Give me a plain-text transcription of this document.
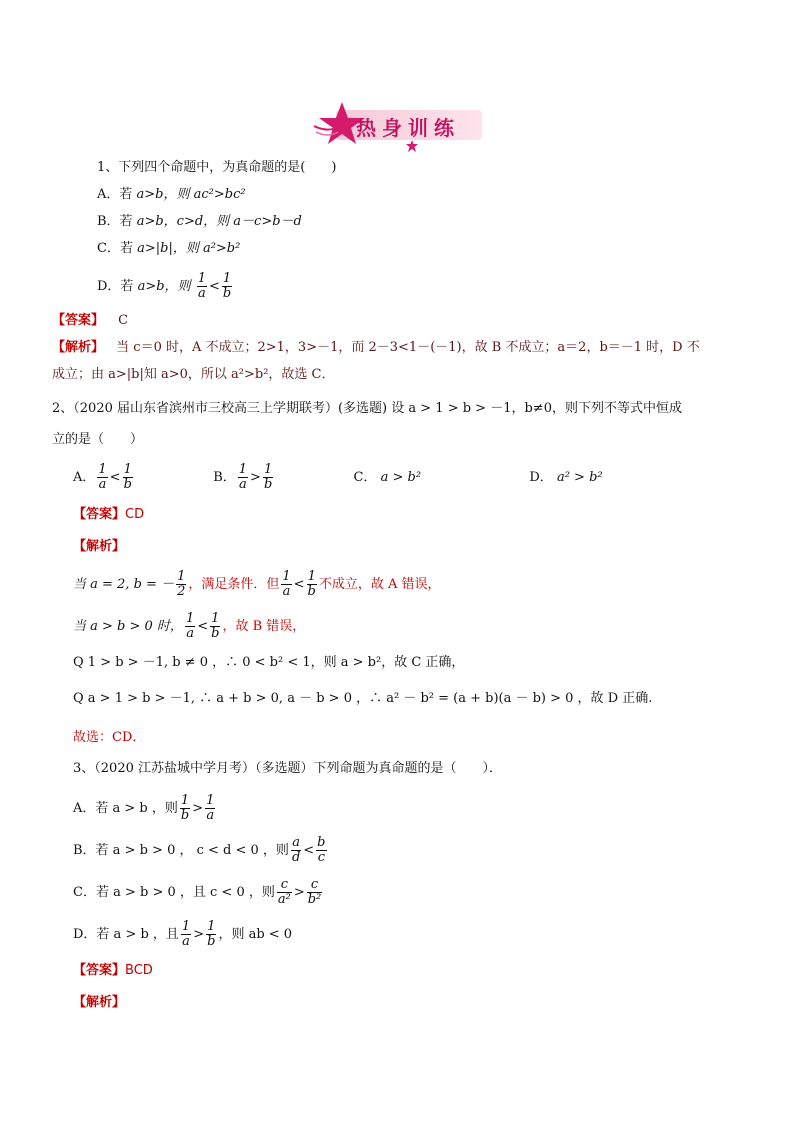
热身训练
1、下列四个命题中，为真命题的是(　　)
A．若 a>b，则 ac²>bc²
B．若 a>b，c>d，则 a－c>b－d
C．若 a>|b|，则 a²>b²
D．若 a>b，则 $\frac{1}{a} < \frac{1}{b}$
【答案】 C
【解析】 当 c＝0 时，A 不成立；2>1，3>－1，而 2－3<1－(－1)，故 B 不成立；a＝2，b＝－1 时，D 不
成立；由 a>|b|知 a>0，所以 a²>b²，故选 C．
2、（2020 届山东省滨州市三校高三上学期联考）(多选题) 设 a > 1 > b > －1，b≠0，则下列不等式中恒成
立的是（　　）
A． $\frac{1}{a} < \frac{1}{b}$	B． $\frac{1}{a} > \frac{1}{b}$	C． a > b²	D． a² > b²
【答案】CD
【解析】
当 a = 2, b = － $\frac{1}{2}$ ，满足条件．但 $\frac{1}{a} < \frac{1}{b}$ 不成立，故 A 错误，
当 a > b > 0 时， $\frac{1}{a} < \frac{1}{b}$ ，故 B 错误，
Q 1 > b > －1, b ≠ 0 ，∴ 0 < b² < 1，则 a > b²，故 C 正确，
Q a > 1 > b > －1, ∴ a + b > 0, a － b > 0 ，∴ a² － b² = (a + b)(a － b) > 0 ，故 D 正确.
故选：CD．
3、（2020 江苏盐城中学月考）（多选题）下列命题为真命题的是（　　）．
A．若 a > b ，则 $\frac{1}{b} > \frac{1}{a}$
B．若 a > b > 0 ， c < d < 0 ，则 $\frac{a}{d} < \frac{b}{c}$
C．若 a > b > 0 ，且 c < 0 ，则 $\frac{c}{\text{a²}} > \frac{c}{\text{b²}}$
D．若 a > b ，且 $\frac{1}{a} > \frac{1}{b}$ ，则 ab < 0
【答案】BCD
【解析】
